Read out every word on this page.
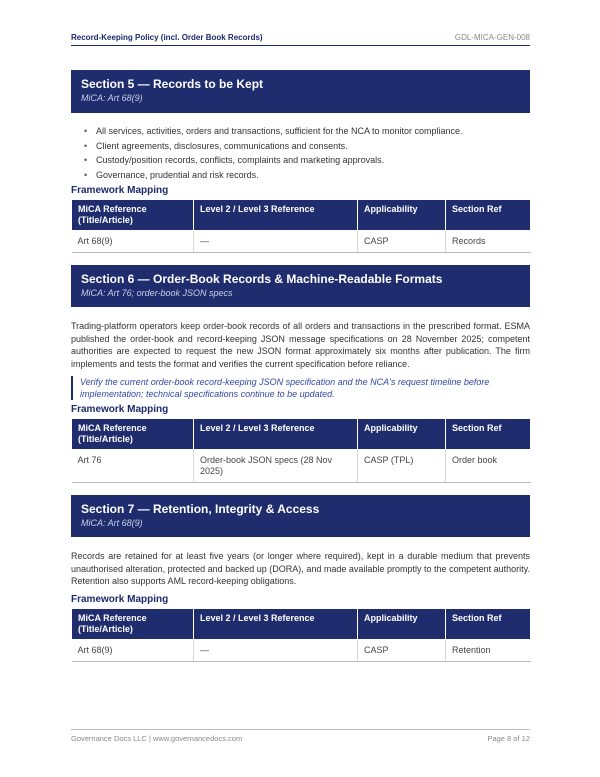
Record-Keeping Policy (incl. Order Book Records)	GDL-MICA-GEN-008
Section 5 — Records to be Kept
MiCA: Art 68(9)
• All services, activities, orders and transactions, sufficient for the NCA to monitor compliance.
• Client agreements, disclosures, communications and consents.
• Custody/position records, conflicts, complaints and marketing approvals.
• Governance, prudential and risk records.
Framework Mapping
MiCA Reference (Title/Article)	Level 2 / Level 3 Reference	Applicability	Section Ref
Art 68(9)	—	CASP	Records
Section 6 — Order-Book Records & Machine-Readable Formats
MiCA: Art 76; order-book JSON specs

Trading-platform operators keep order-book records of all orders and transactions in the prescribed format. ESMA published the order-book and record-keeping JSON message specifications on 28 November 2025; competent authorities are expected to request the new JSON format approximately six months after publication. The firm implements and tests the format and verifies the current specification before reliance.

Verify the current order-book record-keeping JSON specification and the NCA's request timeline before implementation; technical specifications continue to be updated.
Framework Mapping
MiCA Reference (Title/Article)	Level 2 / Level 3 Reference	Applicability	Section Ref
Art 76	Order-book JSON specs (28 Nov 2025)	CASP (TPL)	Order book
Section 7 — Retention, Integrity & Access
MiCA: Art 68(9)

Records are retained for at least five years (or longer where required), kept in a durable medium that prevents unauthorised alteration, protected and backed up (DORA), and made available promptly to the competent authority. Retention also supports AML record-keeping obligations.

Framework Mapping
MiCA Reference (Title/Article)	Level 2 / Level 3 Reference	Applicability	Section Ref
Art 68(9)	—	CASP	Retention
Governance Docs LLC | www.governancedocs.com	Page 8 of 12
